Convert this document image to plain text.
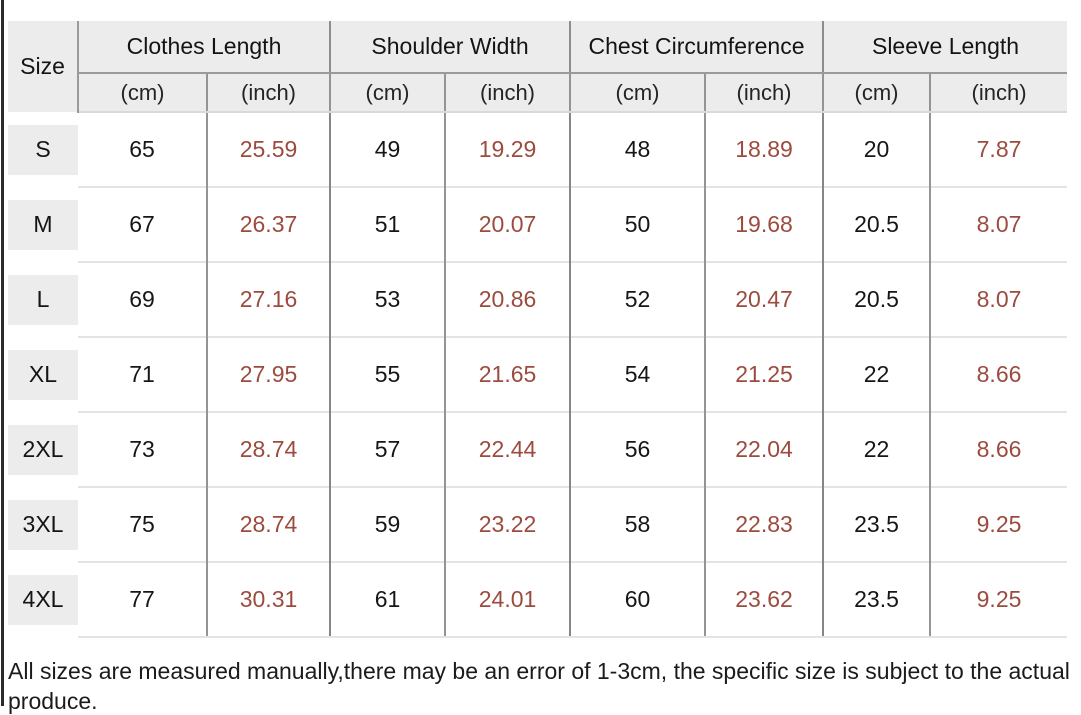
Size	Clothes Length		Shoulder Width		Chest Circumference		Sleeve Length	
	(cm)	(inch)	(cm)	(inch)	(cm)	(inch)	(cm)	(inch)

S	65	25.59	49	19.29	48	18.89	20	7.87

M	67	26.37	51	20.07	50	19.68	20.5	8.07

L	69	27.16	53	20.86	52	20.47	20.5	8.07

XL	71	27.95	55	21.65	54	21.25	22	8.66

2XL	73	28.74	57	22.44	56	22.04	22	8.66

3XL	75	28.74	59	23.22	58	22.83	23.5	9.25

4XL	77	30.31	61	24.01	60	23.62	23.5	9.25

All sizes are measured manually,there may be an error of 1-3cm, the specific size is subject to the actual produce.
